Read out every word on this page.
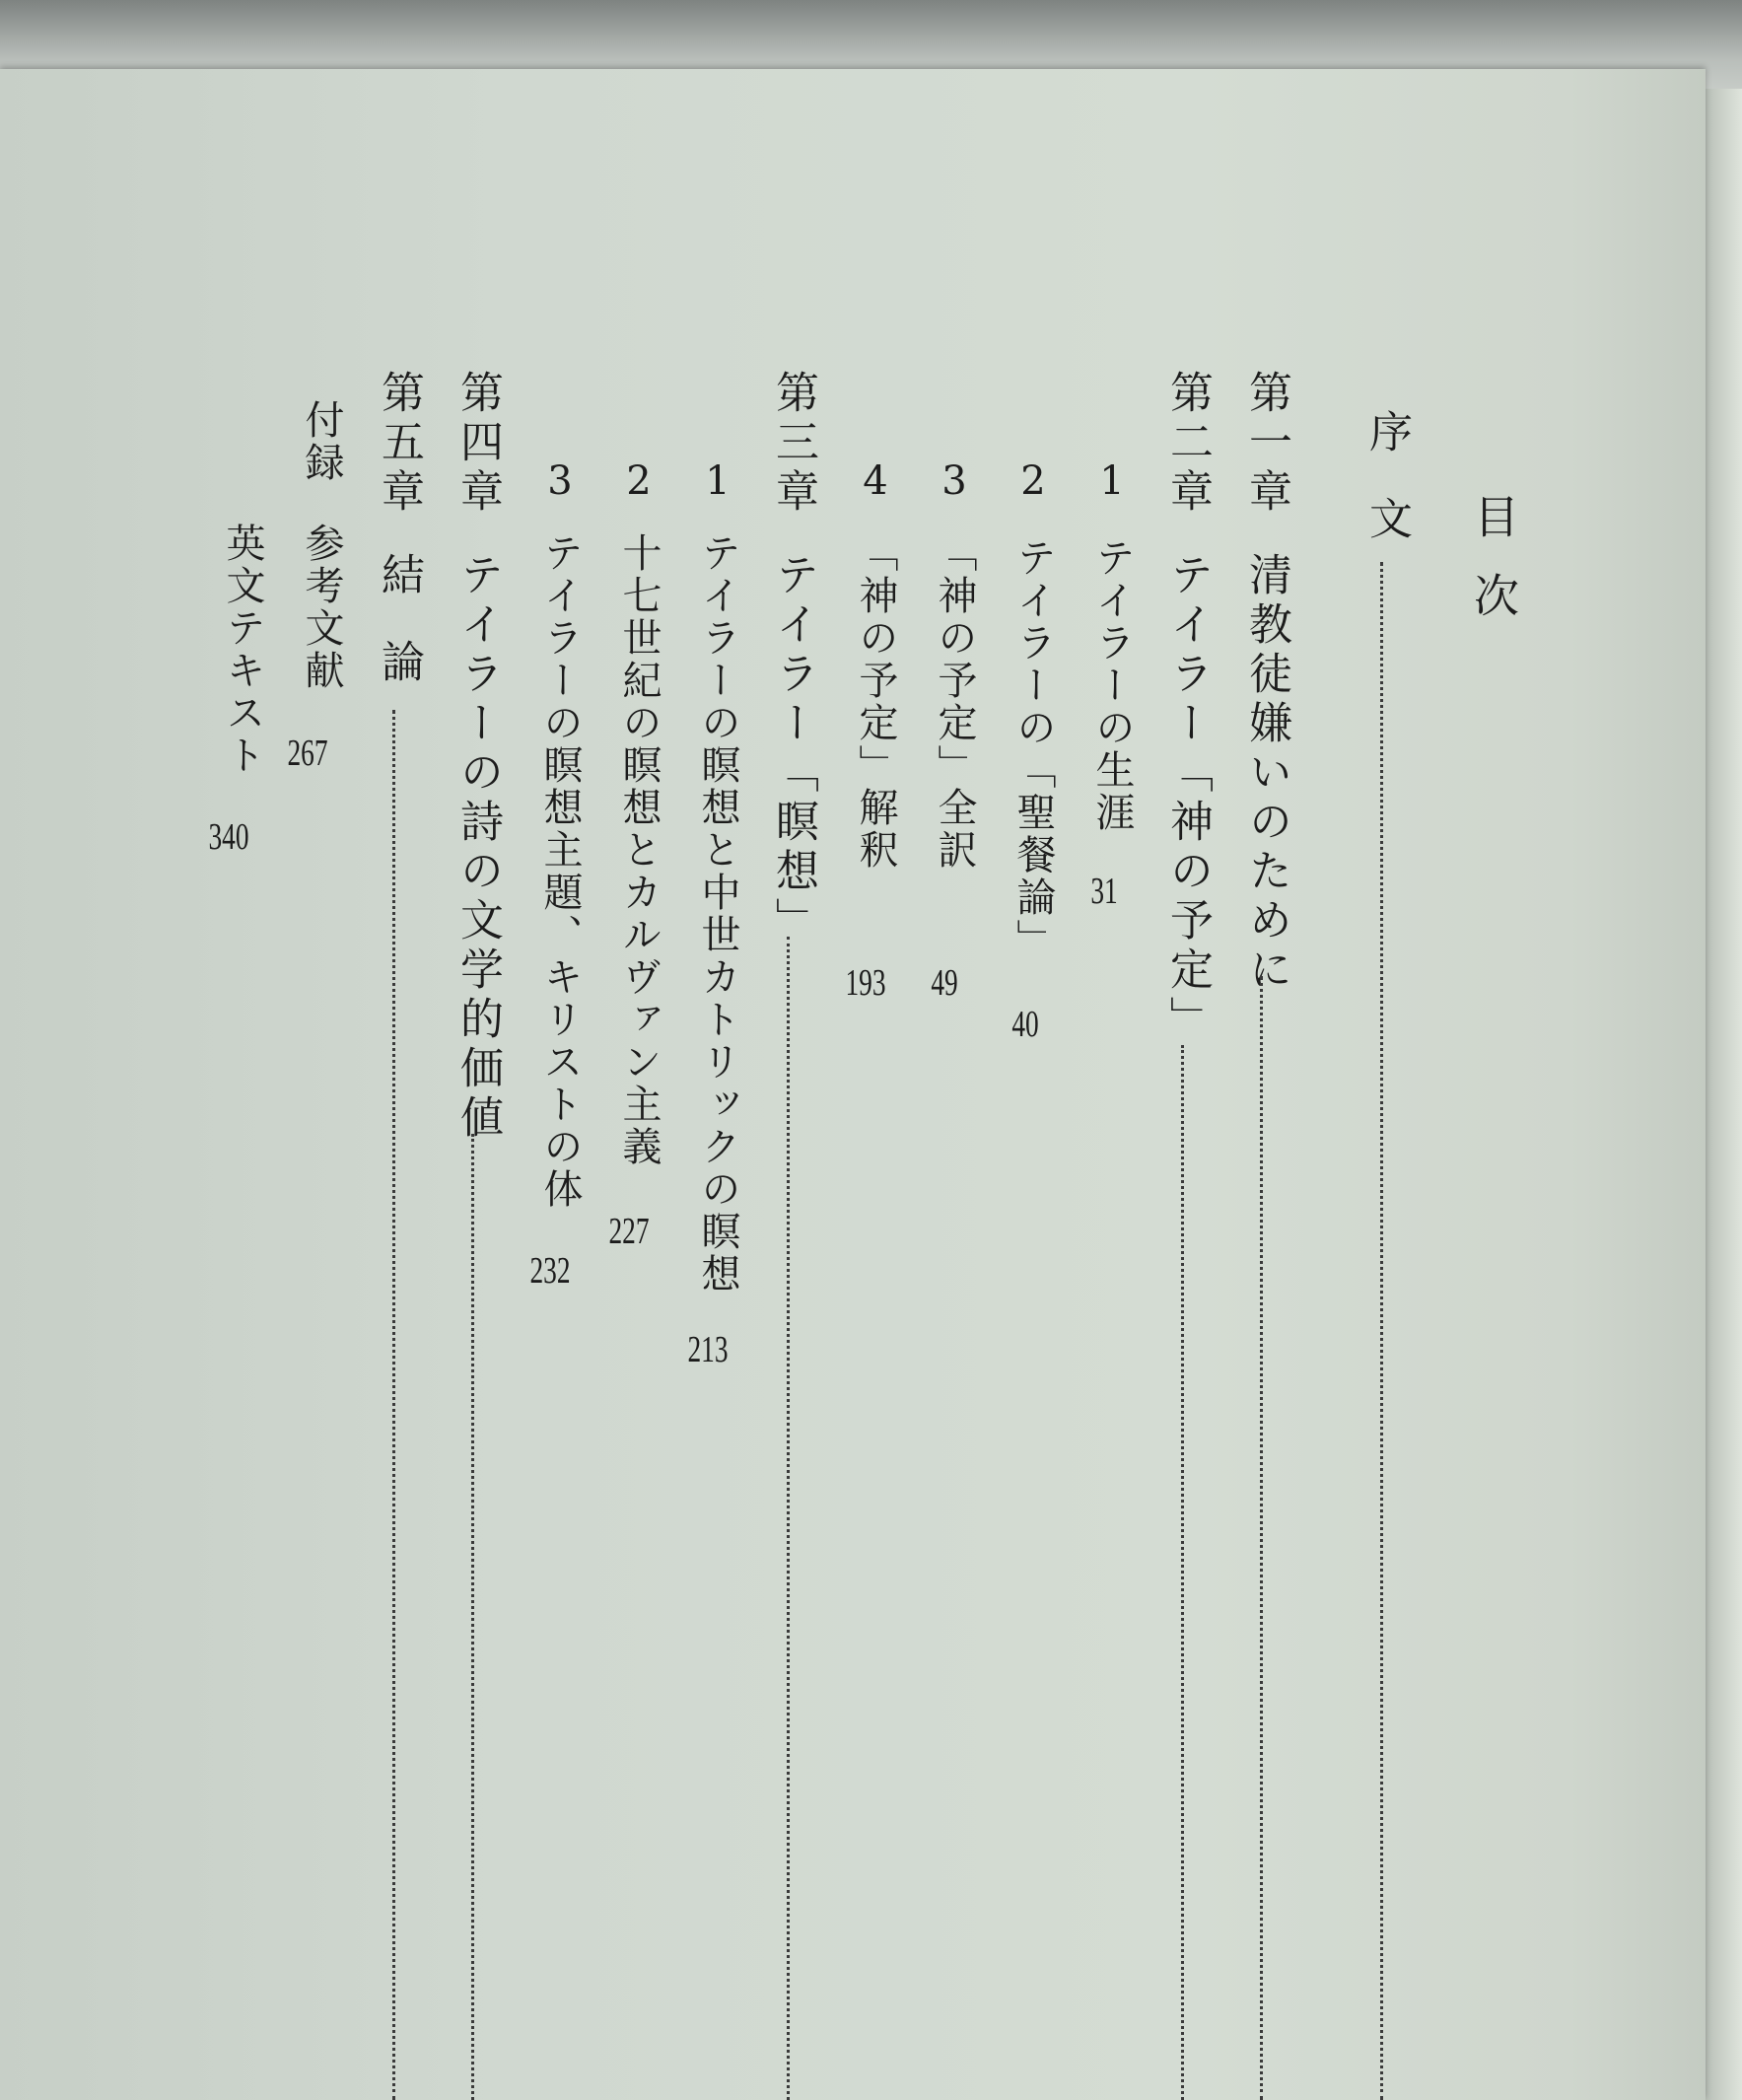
目次
序文
第一章
清教徒嫌いのために
第二章
テイラー「神の予定」
1
テイラーの生涯
31
2
テイラーの「聖餐論」
40
3
「神の予定」全訳
49
4
「神の予定」解釈
193
第三章
テイラー「瞑想」
1
テイラーの瞑想と中世カトリックの瞑想
213
2
十七世紀の瞑想とカルヴァン主義
227
3
テイラーの瞑想主題、キリストの体
232
第四章
テイラーの詩の文学的価値
第五章
結論
付録
参考文献
267
英文テキスト
340
